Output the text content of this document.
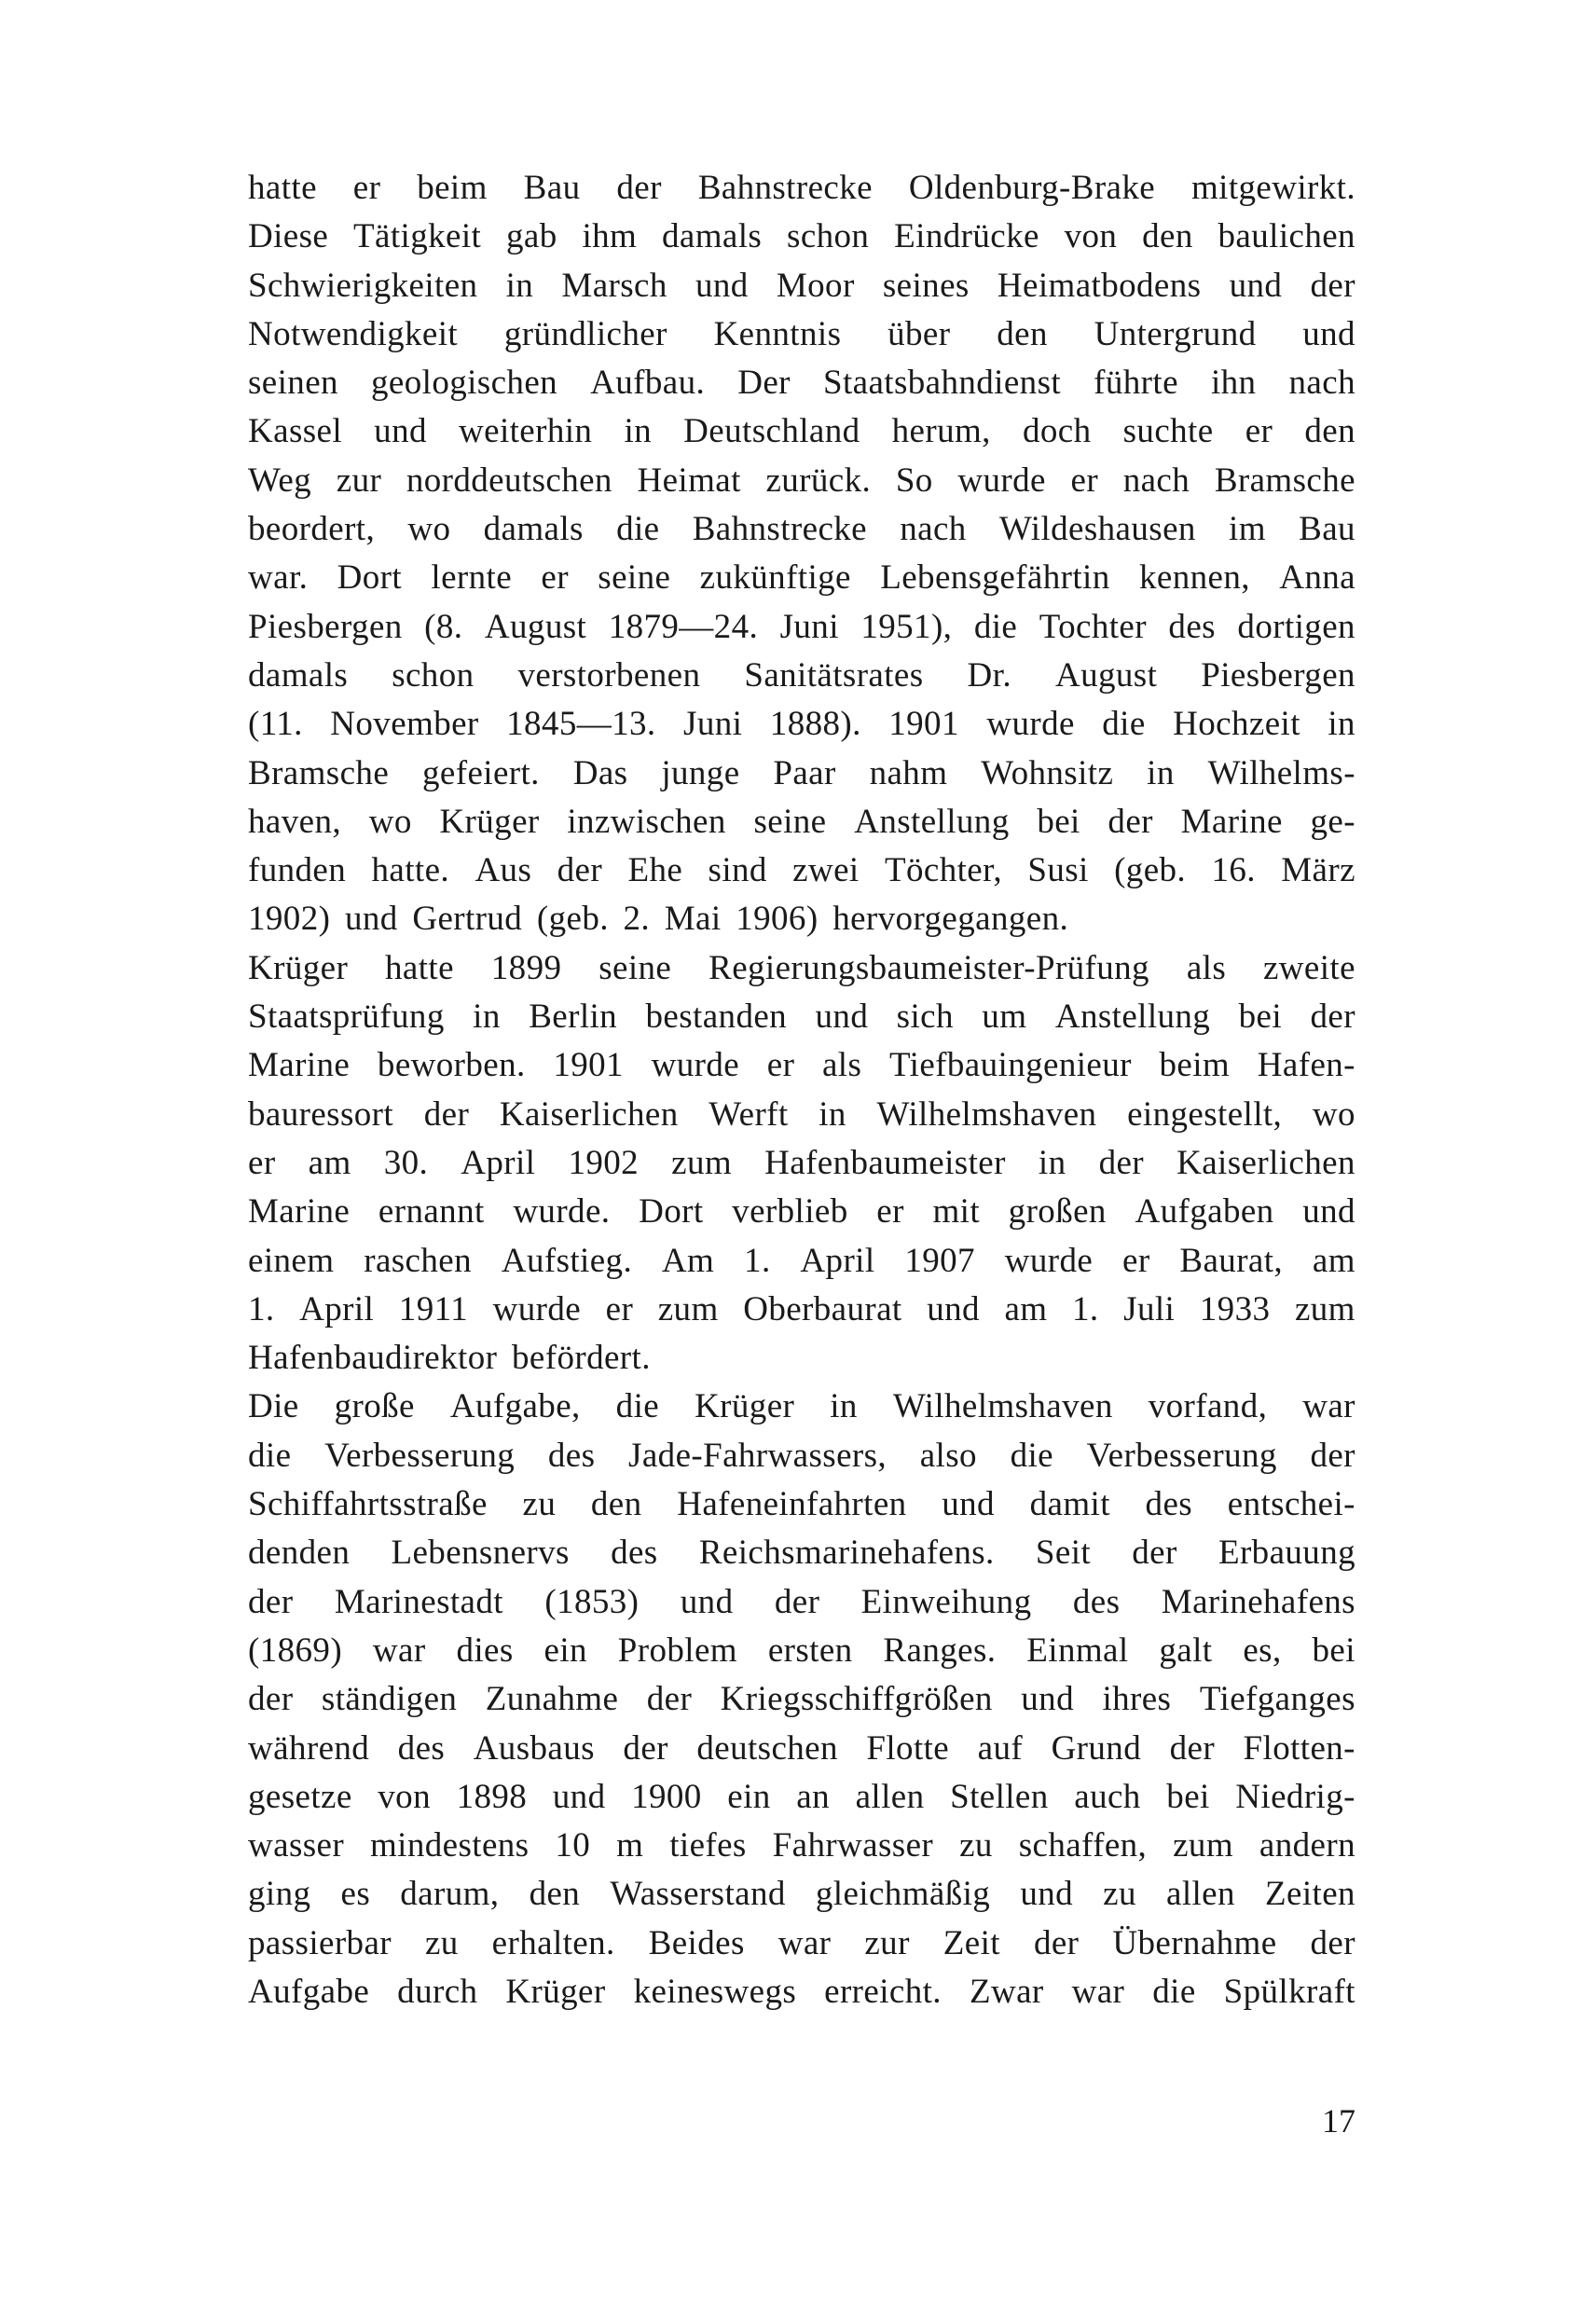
hatte er beim Bau der Bahnstrecke Oldenburg-Brake mitgewirkt.
Diese Tätigkeit gab ihm damals schon Eindrücke von den baulichen
Schwierigkeiten in Marsch und Moor seines Heimatbodens und der
Notwendigkeit gründlicher Kenntnis über den Untergrund und
seinen geologischen Aufbau. Der Staatsbahndienst führte ihn nach
Kassel und weiterhin in Deutschland herum, doch suchte er den
Weg zur norddeutschen Heimat zurück. So wurde er nach Bramsche
beordert, wo damals die Bahnstrecke nach Wildeshausen im Bau
war. Dort lernte er seine zukünftige Lebensgefährtin kennen, Anna
Piesbergen (8. August 1879—24. Juni 1951), die Tochter des dortigen
damals schon verstorbenen Sanitätsrates Dr. August Piesbergen
(11. November 1845—13. Juni 1888). 1901 wurde die Hochzeit in
Bramsche gefeiert. Das junge Paar nahm Wohnsitz in Wilhelms-
haven, wo Krüger inzwischen seine Anstellung bei der Marine ge-
funden hatte. Aus der Ehe sind zwei Töchter, Susi (geb. 16. März
1902)
und
Gertrud
(geb.
2.
Mai
1906)
hervorgegangen.
Krüger hatte 1899 seine Regierungsbaumeister-Prüfung als zweite
Staatsprüfung in Berlin bestanden und sich um Anstellung bei der
Marine beworben. 1901 wurde er als Tiefbauingenieur beim Hafen-
bauressort der Kaiserlichen Werft in Wilhelmshaven eingestellt, wo
er am 30. April 1902 zum Hafenbaumeister in der Kaiserlichen
Marine ernannt wurde. Dort verblieb er mit großen Aufgaben und
einem raschen Aufstieg. Am 1. April 1907 wurde er Baurat, am
1. April 1911 wurde er zum Oberbaurat und am 1. Juli 1933 zum
Hafenbaudirektor
befördert.
Die große Aufgabe, die Krüger in Wilhelmshaven vorfand, war
die Verbesserung des Jade-Fahrwassers, also die Verbesserung der
Schiffahrtsstraße zu den Hafeneinfahrten und damit des entschei-
denden Lebensnervs des Reichsmarinehafens. Seit der Erbauung
der Marinestadt (1853) und der Einweihung des Marinehafens
(1869) war dies ein Problem ersten Ranges. Einmal galt es, bei
der ständigen Zunahme der Kriegsschiffgrößen und ihres Tiefganges
während des Ausbaus der deutschen Flotte auf Grund der Flotten-
gesetze von 1898 und 1900 ein an allen Stellen auch bei Niedrig-
wasser mindestens 10 m tiefes Fahrwasser zu schaffen, zum andern
ging es darum, den Wasserstand gleichmäßig und zu allen Zeiten
passierbar zu erhalten. Beides war zur Zeit der Übernahme der
Aufgabe durch Krüger keineswegs erreicht. Zwar war die Spülkraft
17
